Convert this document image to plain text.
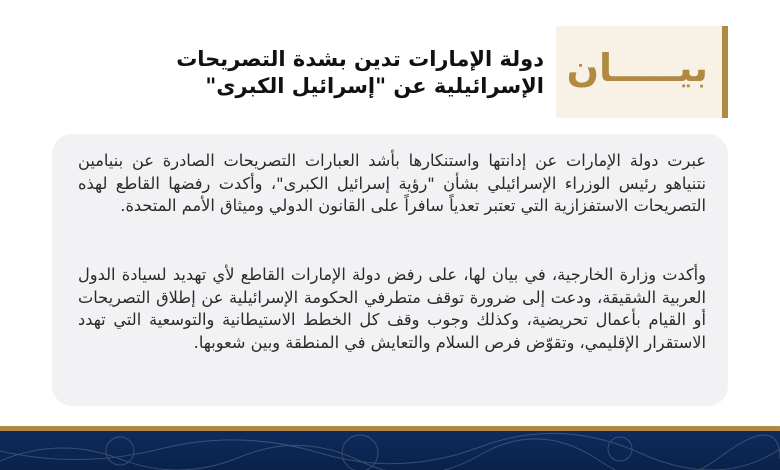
بيـــــان
دولة الإمارات تدين بشدة التصريحات الإسرائيلية عن "إسرائيل الكبرى"

عبرت دولة الإمارات عن إدانتها واستنكارها بأشد العبارات التصريحات الصادرة عن بنيامين نتنياهو رئيس الوزراء الإسرائيلي بشأن "رؤية إسرائيل الكبرى"، وأكدت رفضها القاطع لهذه التصريحات الاستفزازية التي تعتبر تعدياً سافراً على القانون الدولي وميثاق الأمم المتحدة.

وأكدت وزارة الخارجية، في بيان لها، على رفض دولة الإمارات القاطع لأي تهديد لسيادة الدول العربية الشقيقة، ودعت إلى ضرورة توقف متطرفي الحكومة الإسرائيلية عن إطلاق التصريحات أو القيام بأعمال تحريضية، وكذلك وجوب وقف كل الخطط الاستيطانية والتوسعية التي تهدد الاستقرار الإقليمي، وتقوّض فرص السلام والتعايش في المنطقة وبين شعوبها.
